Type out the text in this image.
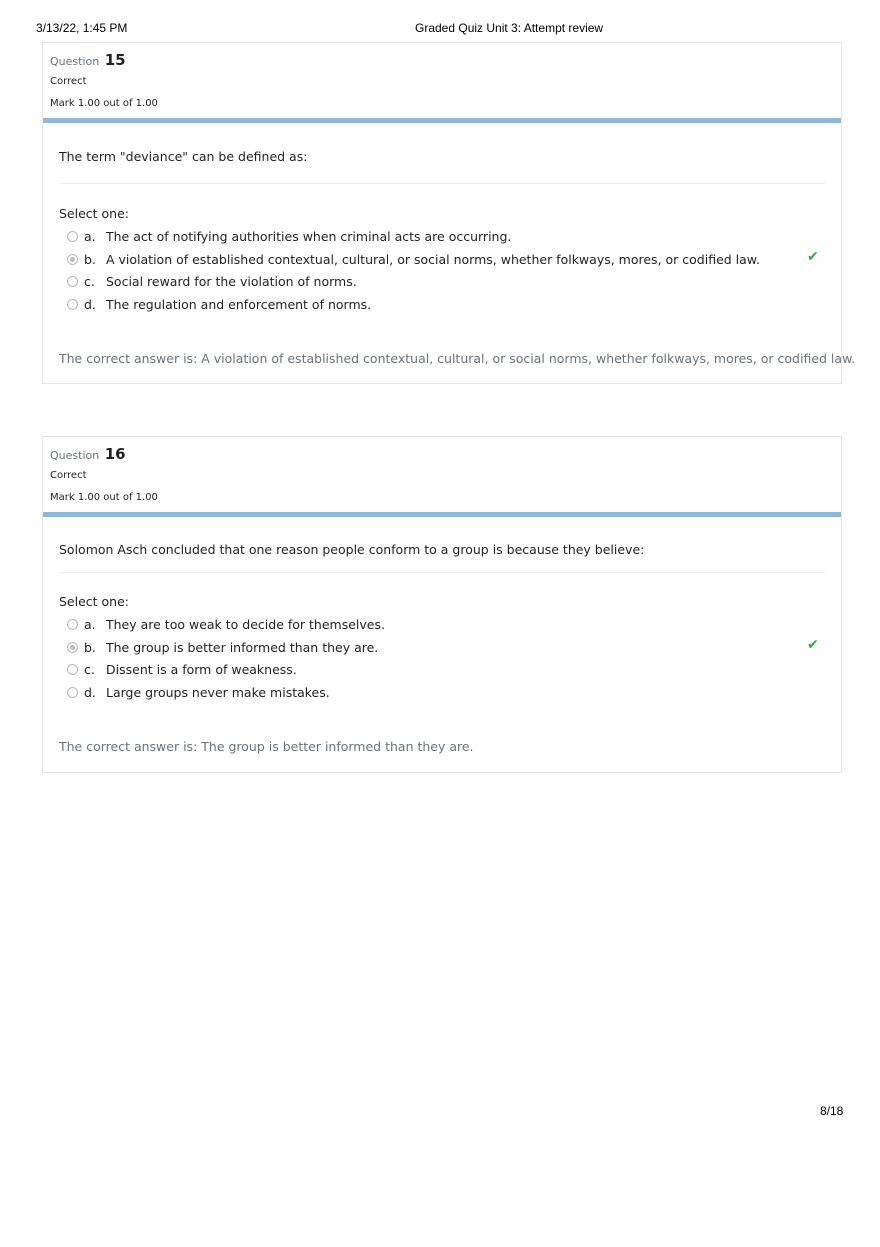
3/13/22, 1:45 PM	Graded Quiz Unit 3: Attempt review
Question 15
Correct
Mark 1.00 out of 1.00
The term "deviance" can be defined as:
Select one:
a. The act of notifying authorities when criminal acts are occurring.
b. A violation of established contextual, cultural, or social norms, whether folkways, mores, or codified law.	✔
c. Social reward for the violation of norms.
d. The regulation and enforcement of norms.
The correct answer is: A violation of established contextual, cultural, or social norms, whether folkways, mores, or codified law.
Question 16
Correct
Mark 1.00 out of 1.00
Solomon Asch concluded that one reason people conform to a group is because they believe:
Select one:
a. They are too weak to decide for themselves.
b. The group is better informed than they are.	✔
c. Dissent is a form of weakness.
d. Large groups never make mistakes.
The correct answer is: The group is better informed than they are.
8/18
